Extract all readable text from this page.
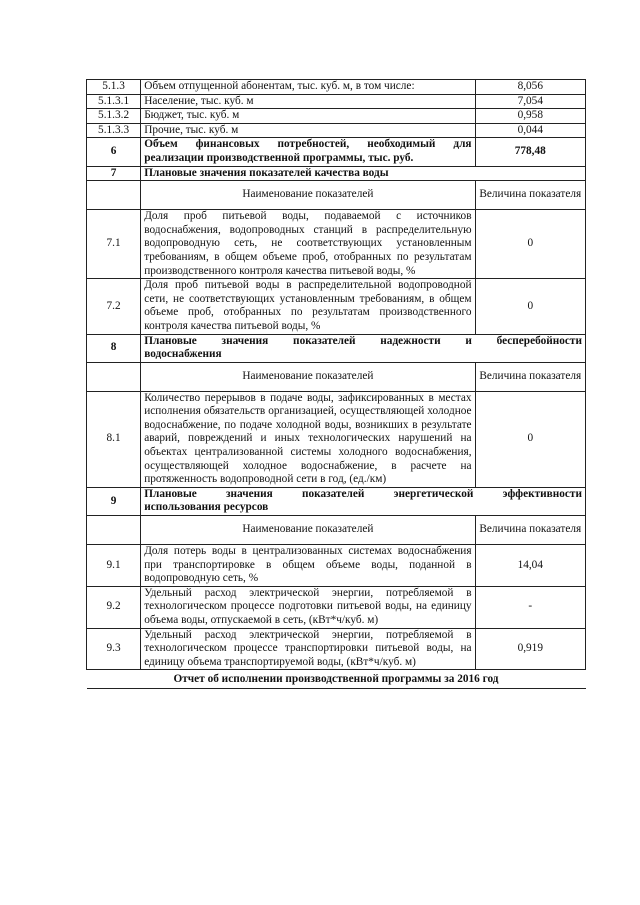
5.1.3	Объем отпущенной абонентам, тыс. куб. м, в том числе:	8,056
5.1.3.1	Население, тыс. куб. м	7,054
5.1.3.2	Бюджет, тыс. куб. м	0,958
5.1.3.3	Прочие, тыс. куб. м	0,044
6	Объем финансовых потребностей, необходимый для реализации производственной программы, тыс. руб.	778,48
7	Плановые значения показателей качества воды	
	Наименование показателей	Величина показателя
7.1	Доля проб питьевой воды, подаваемой с источников водоснабжения, водопроводных станций в распределительную водопроводную сеть, не соответствующих установленным требованиям, в общем объеме проб, отобранных по результатам производственного контроля качества питьевой воды, %	0
7.2	Доля проб питьевой воды в распределительной водопроводной сети, не соответствующих установленным требованиям, в общем объеме проб, отобранных по результатам производственного контроля качества питьевой воды, %	0
8	Плановые значения показателей надежности и бесперебойности
водоснабжения	

	Наименование показателей	Величина показателя
8.1	Количество перерывов в подаче воды, зафиксированных в местах исполнения обязательств организацией, осуществляющей холодное водоснабжение, по подаче холодной воды, возникших в результате аварий, повреждений и иных технологических нарушений на объектах централизованной системы холодного водоснабжения, осуществляющей холодное водоснабжение, в расчете на протяженность водопроводной сети в год, (ед./км)	0
9	Плановые значения показателей энергетической эффективности
использования ресурсов	

	Наименование показателей	Величина показателя
9.1	Доля потерь воды в централизованных системах водоснабжения при транспортировке в общем объеме воды, поданной в водопроводную сеть, %	14,04
9.2	Удельный расход электрической энергии, потребляемой в технологическом процессе подготовки питьевой воды, на единицу объема воды, отпускаемой в сеть, (кВт*ч/куб. м)	-
9.3	Удельный расход электрической энергии, потребляемой в технологическом процессе транспортировки питьевой воды, на единицу объема транспортируемой воды, (кВт*ч/куб. м)	0,919
Отчет об исполнении производственной программы за 2016 год		
